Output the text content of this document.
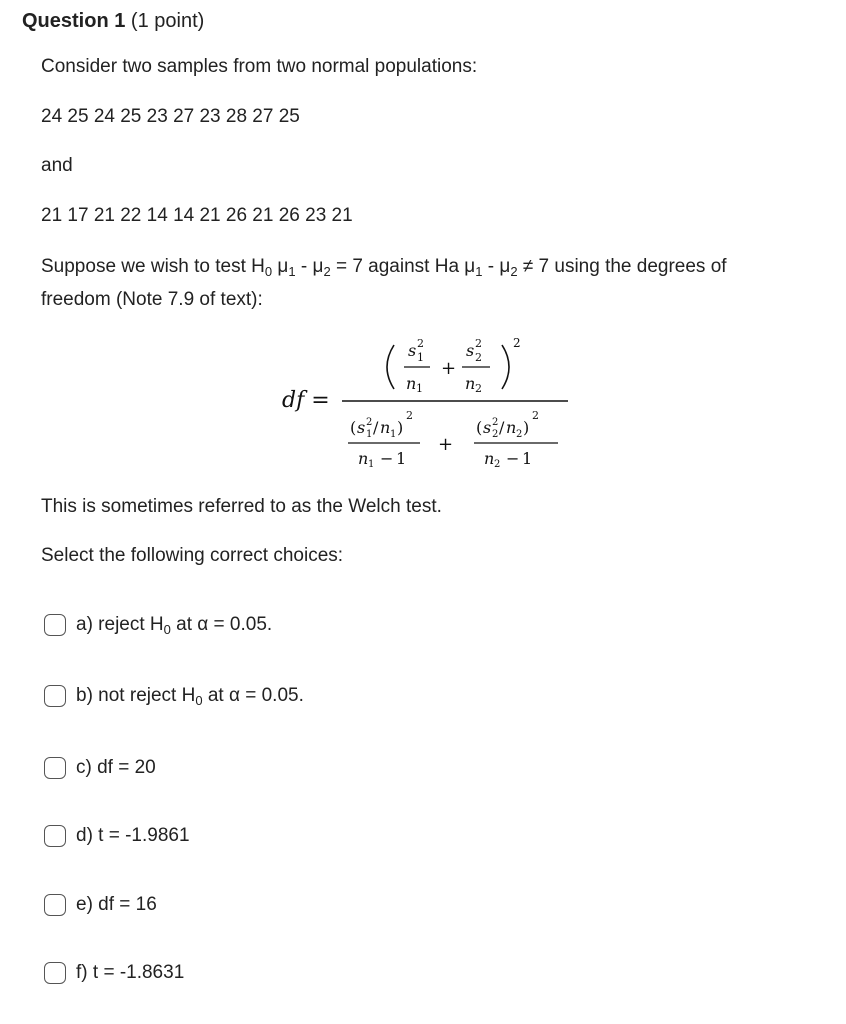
Question 1 (1 point)
Consider two samples from two normal populations:
24 25 24 25 23 27 23 28 27 25
and
21 17 21 22 14 14 21 26 21 26 23 21
Suppose we wish to test $H_0$ $\mu_1 - \mu_2 = 7$ against Ha $\mu_1 - \mu_2 \ne 7$ using the degrees of
freedom (Note 7.9 of text):
df =
s 2
1
n 1
+
s 2
2
n 2
2
( s 2
1 / n 1 )
2
n 1 − 1
+
( s 2
2 / n 2 )
2
n 2 − 1
This is sometimes referred to as the Welch test.
Select the following correct choices:
a) reject $H_0$ at α = 0.05.
b) not reject $H_0$ at α = 0.05.
c) df = 20
d) t = -1.9861
e) df = 16
f) t = -1.8631
